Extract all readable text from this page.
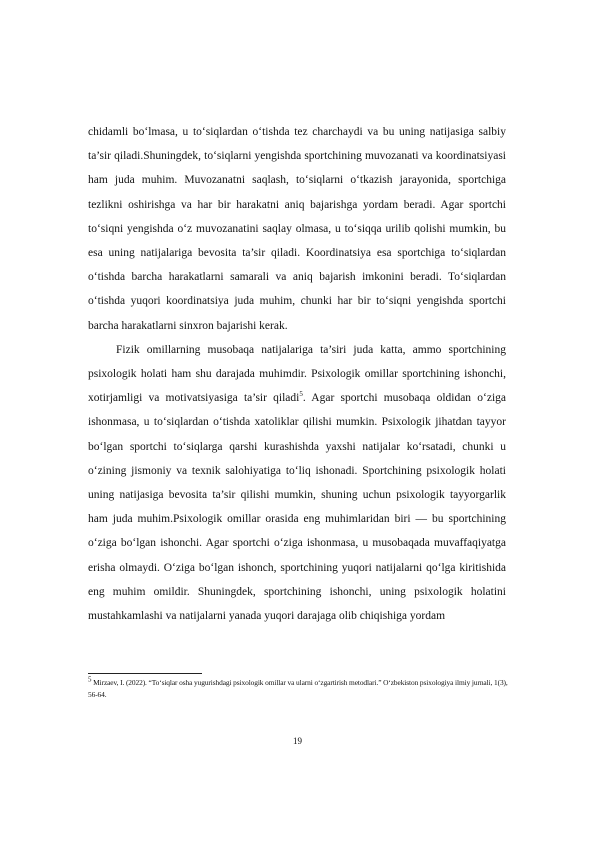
chidamli bo‘lmasa, u to‘siqlardan o‘tishda tez charchaydi va bu uning natijasiga salbiy ta’sir qiladi.Shuningdek, to‘siqlarni yengishda sportchining muvozanati va koordinatsiyasi ham juda muhim. Muvozanatni saqlash, to‘siqlarni o‘tkazish jarayonida, sportchiga tezlikni oshirishga va har bir harakatni aniq bajarishga yordam beradi. Agar sportchi to‘siqni yengishda o‘z muvozanatini saqlay olmasa, u to‘siqqa urilib qolishi mumkin, bu esa uning natijalariga bevosita ta’sir qiladi. Koordinatsiya esa sportchiga to‘siqlardan o‘tishda barcha harakatlarni samarali va aniq bajarish imkonini beradi. To‘siqlardan o‘tishda yuqori koordinatsiya juda muhim, chunki har bir to‘siqni yengishda sportchi barcha harakatlarni sinxron bajarishi kerak.

Fizik omillarning musobaqa natijalariga ta’siri juda katta, ammo sportchining psixologik holati ham shu darajada muhimdir. Psixologik omillar sportchining ishonchi, xotirjamligi va motivatsiyasiga ta’sir qiladi$^5$. Agar sportchi musobaqa oldidan o‘ziga ishonmasa, u to‘siqlardan o‘tishda xatoliklar qilishi mumkin. Psixologik jihatdan tayyor bo‘lgan sportchi to‘siqlarga qarshi kurashishda yaxshi natijalar ko‘rsatadi, chunki u o‘zining jismoniy va texnik salohiyatiga to‘liq ishonadi. Sportchining psixologik holati uning natijasiga bevosita ta’sir qilishi mumkin, shuning uchun psixologik tayyorgarlik ham juda muhim.Psixologik omillar orasida eng muhimlaridan biri — bu sportchining o‘ziga bo‘lgan ishonchi. Agar sportchi o‘ziga ishonmasa, u musobaqada muvaffaqiyatga erisha olmaydi. O‘ziga bo‘lgan ishonch, sportchining yuqori natijalarni qo‘lga kiritishida eng muhim omildir. Shuningdek, sportchining ishonchi, uning psixologik holatini mustahkamlashi va natijalarni yanada yuqori darajaga olib chiqishiga yordam

$^5$ Mirzaev, I. (2022). “To‘siqlar osha yugurishdagi psixologik omillar va ularni o‘zgartirish metodlari.” O‘zbekiston psixologiya ilmiy jurnali, 1(3), 56-64.

19
